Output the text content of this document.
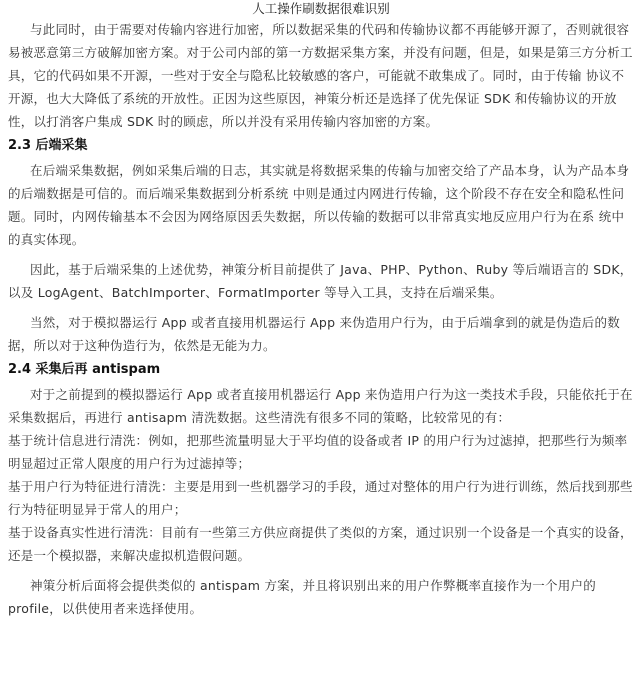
人工操作刷数据很难识别

与此同时，由于需要对传输内容进行加密，所以数据采集的代码和传输协议都不再能够开源了，否则就很容易被恶意第三方破解加密方案。对于公司内部的第一方数据采集方案，并没有问题，但是，如果是第三方分析工具，它的代码如果不开源，一些对于安全与隐私比较敏感的客户，可能就不敢集成了。同时，由于传输 协议不开源，也大大降低了系统的开放性。正因为这些原因，神策分析还是选择了优先保证 SDK 和传输协议的开放性，以打消客户集成 SDK 时的顾虑，所以并没有采用传输内容加密的方案。

2.3 后端采集

在后端采集数据，例如采集后端的日志，其实就是将数据采集的传输与加密交给了产品本身，认为产品本身的后端数据是可信的。而后端采集数据到分析系统 中则是通过内网进行传输，这个阶段不存在安全和隐私性问题。同时，内网传输基本不会因为网络原因丢失数据，所以传输的数据可以非常真实地反应用户行为在系 统中的真实体现。

因此，基于后端采集的上述优势，神策分析目前提供了 Java、PHP、Python、Ruby 等后端语言的 SDK，以及 LogAgent、BatchImporter、FormatImporter 等导入工具，支持在后端采集。

当然，对于模拟器运行 App 或者直接用机器运行 App 来伪造用户行为，由于后端拿到的就是伪造后的数据，所以对于这种伪造行为，依然是无能为力。

2.4 采集后再 antispam

对于之前提到的模拟器运行 App 或者直接用机器运行 App 来伪造用户行为这一类技术手段，只能依托于在采集数据后，再进行 antisapm 清洗数据。这些清洗有很多不同的策略，比较常见的有：

基于统计信息进行清洗：例如，把那些流量明显大于平均值的设备或者 IP 的用户行为过滤掉，把那些行为频率明显超过正常人限度的用户行为过滤掉等；

基于用户行为特征进行清洗：主要是用到一些机器学习的手段，通过对整体的用户行为进行训练，然后找到那些行为特征明显异于常人的用户；

基于设备真实性进行清洗：目前有一些第三方供应商提供了类似的方案，通过识别一个设备是一个真实的设备，还是一个模拟器，来解决虚拟机造假问题。

神策分析后面将会提供类似的 antispam 方案，并且将识别出来的用户作弊概率直接作为一个用户的 profile，以供使用者来选择使用。
